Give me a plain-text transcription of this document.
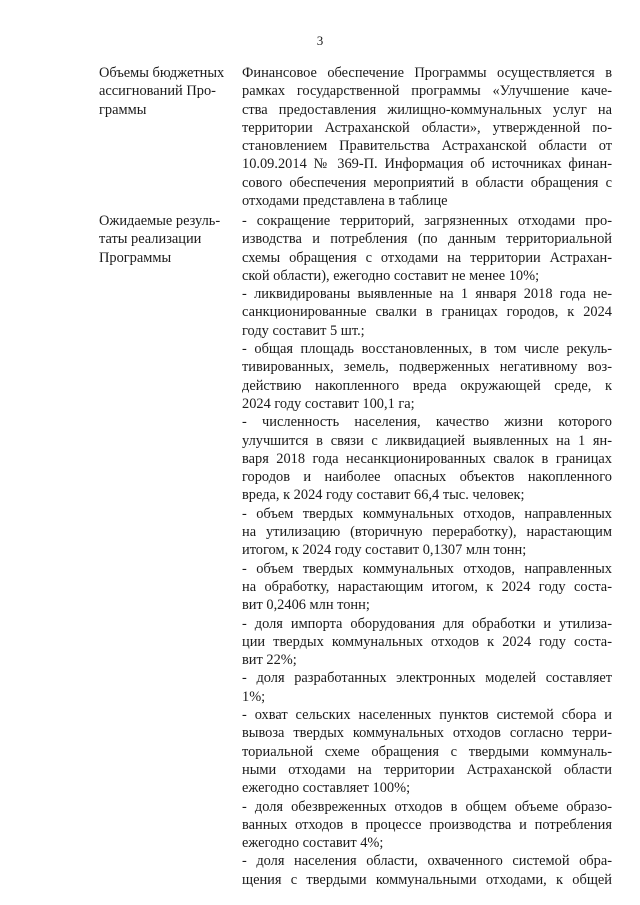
3
Объемы бюджетных
ассигнований Про-
граммы
Финансовое обеспечение Программы осуществляется в
рамках государственной программы «Улучшение каче-
ства предоставления жилищно-коммунальных услуг на
территории Астраханской области», утвержденной по-
становлением Правительства Астраханской области от
10.09.2014 № 369-П. Информация об источниках финан-
сового обеспечения мероприятий в области обращения с
отходами представлена в таблице
Ожидаемые резуль-
таты реализации
Программы
- сокращение территорий, загрязненных отходами про-
изводства и потребления (по данным территориальной
схемы обращения с отходами на территории Астрахан-
ской области), ежегодно составит не менее 10%;
- ликвидированы выявленные на 1 января 2018 года не-
санкционированные свалки в границах городов, к 2024
году составит 5 шт.;
- общая площадь восстановленных, в том числе рекуль-
тивированных, земель, подверженных негативному воз-
действию накопленного вреда окружающей среде, к
2024 году составит 100,1 га;
- численность населения, качество жизни которого
улучшится в связи с ликвидацией выявленных на 1 ян-
варя 2018 года несанкционированных свалок в границах
городов и наиболее опасных объектов накопленного
вреда, к 2024 году составит 66,4 тыс. человек;
- объем твердых коммунальных отходов, направленных
на утилизацию (вторичную переработку), нарастающим
итогом, к 2024 году составит 0,1307 млн тонн;
- объем твердых коммунальных отходов, направленных
на обработку, нарастающим итогом, к 2024 году соста-
вит 0,2406 млн тонн;
- доля импорта оборудования для обработки и утилиза-
ции твердых коммунальных отходов к 2024 году соста-
вит 22%;
- доля разработанных электронных моделей составляет
1%;
- охват сельских населенных пунктов системой сбора и
вывоза твердых коммунальных отходов согласно терри-
ториальной схеме обращения с твердыми коммуналь-
ными отходами на территории Астраханской области
ежегодно составляет 100%;
- доля обезвреженных отходов в общем объеме образо-
ванных отходов в процессе производства и потребления
ежегодно составит 4%;
- доля населения области, охваченного системой обра-
щения с твердыми коммунальными отходами, к общей
